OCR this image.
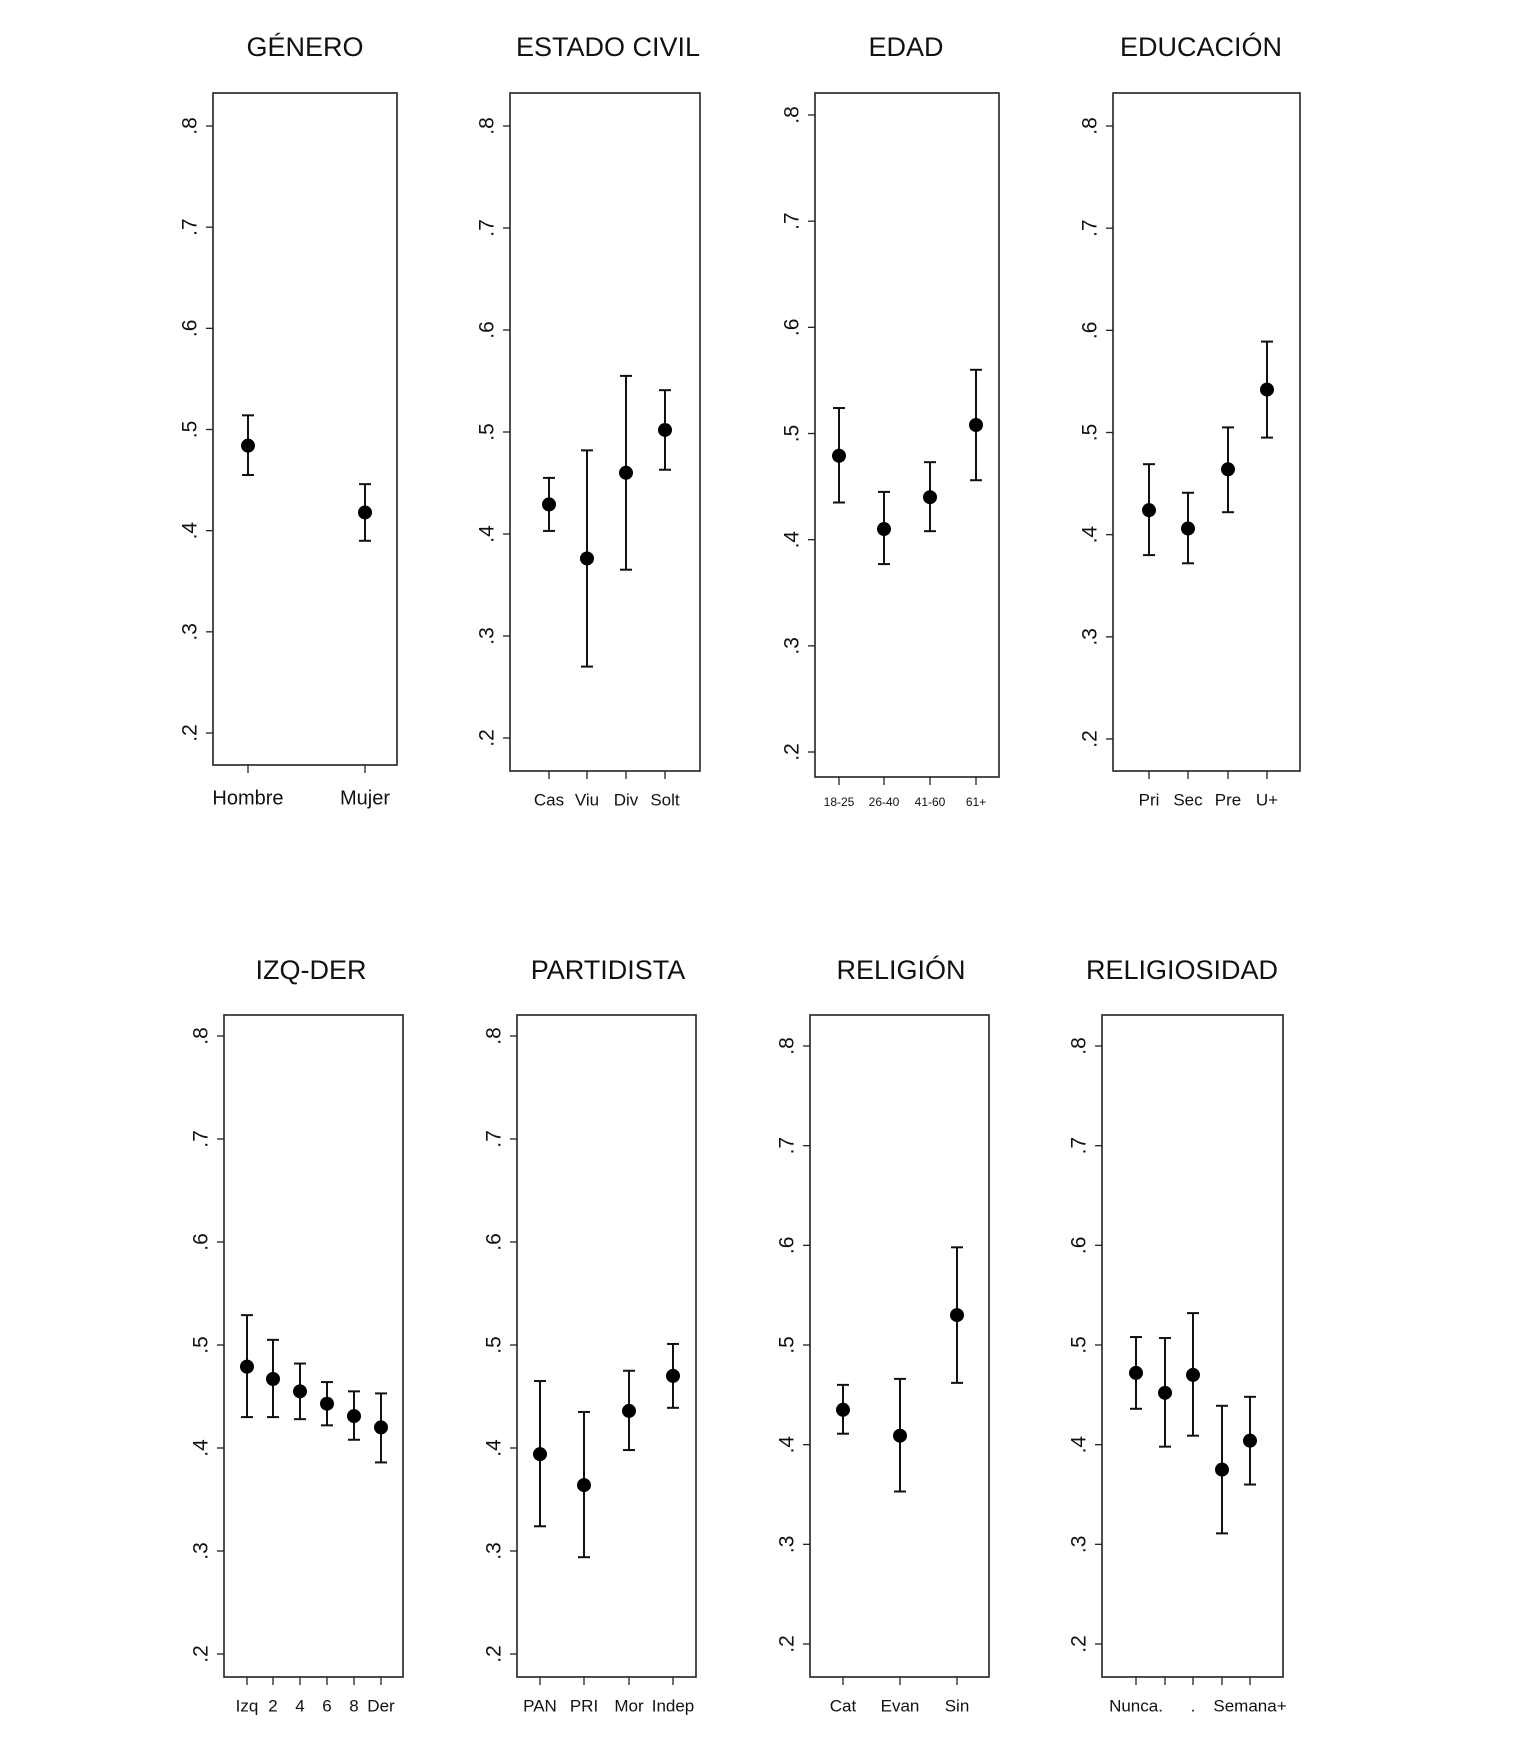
GÉNERO
.2
.3
.4
.5
.6
.7
.8
Hombre	Mujer
ESTADO CIVIL
.2
.3
.4
.5
.6
.7
.8
Cas Viu Div Solt
EDAD
.2
.3
.4
.5
.6
.7
.8
18-25 26-40 41-60 61+
EDUCACIÓN
.2
.3
.4
.5
.6
.7
.8
Pri Sec Pre U+
IZQ-DER
.2
.3
.4
.5
.6
.7
.8
Izq 2 4 6 8 Der
PARTIDISTA
.2
.3
.4
.5
.6
.7
.8
PAN PRI Mor Indep
RELIGIÓN
.2
.3
.4
.5
.6
.7
.8
Cat Evan Sin
RELIGIOSIDAD
.2
.3
.4
.5
.6
.7
.8
Nunca. . Semana+
